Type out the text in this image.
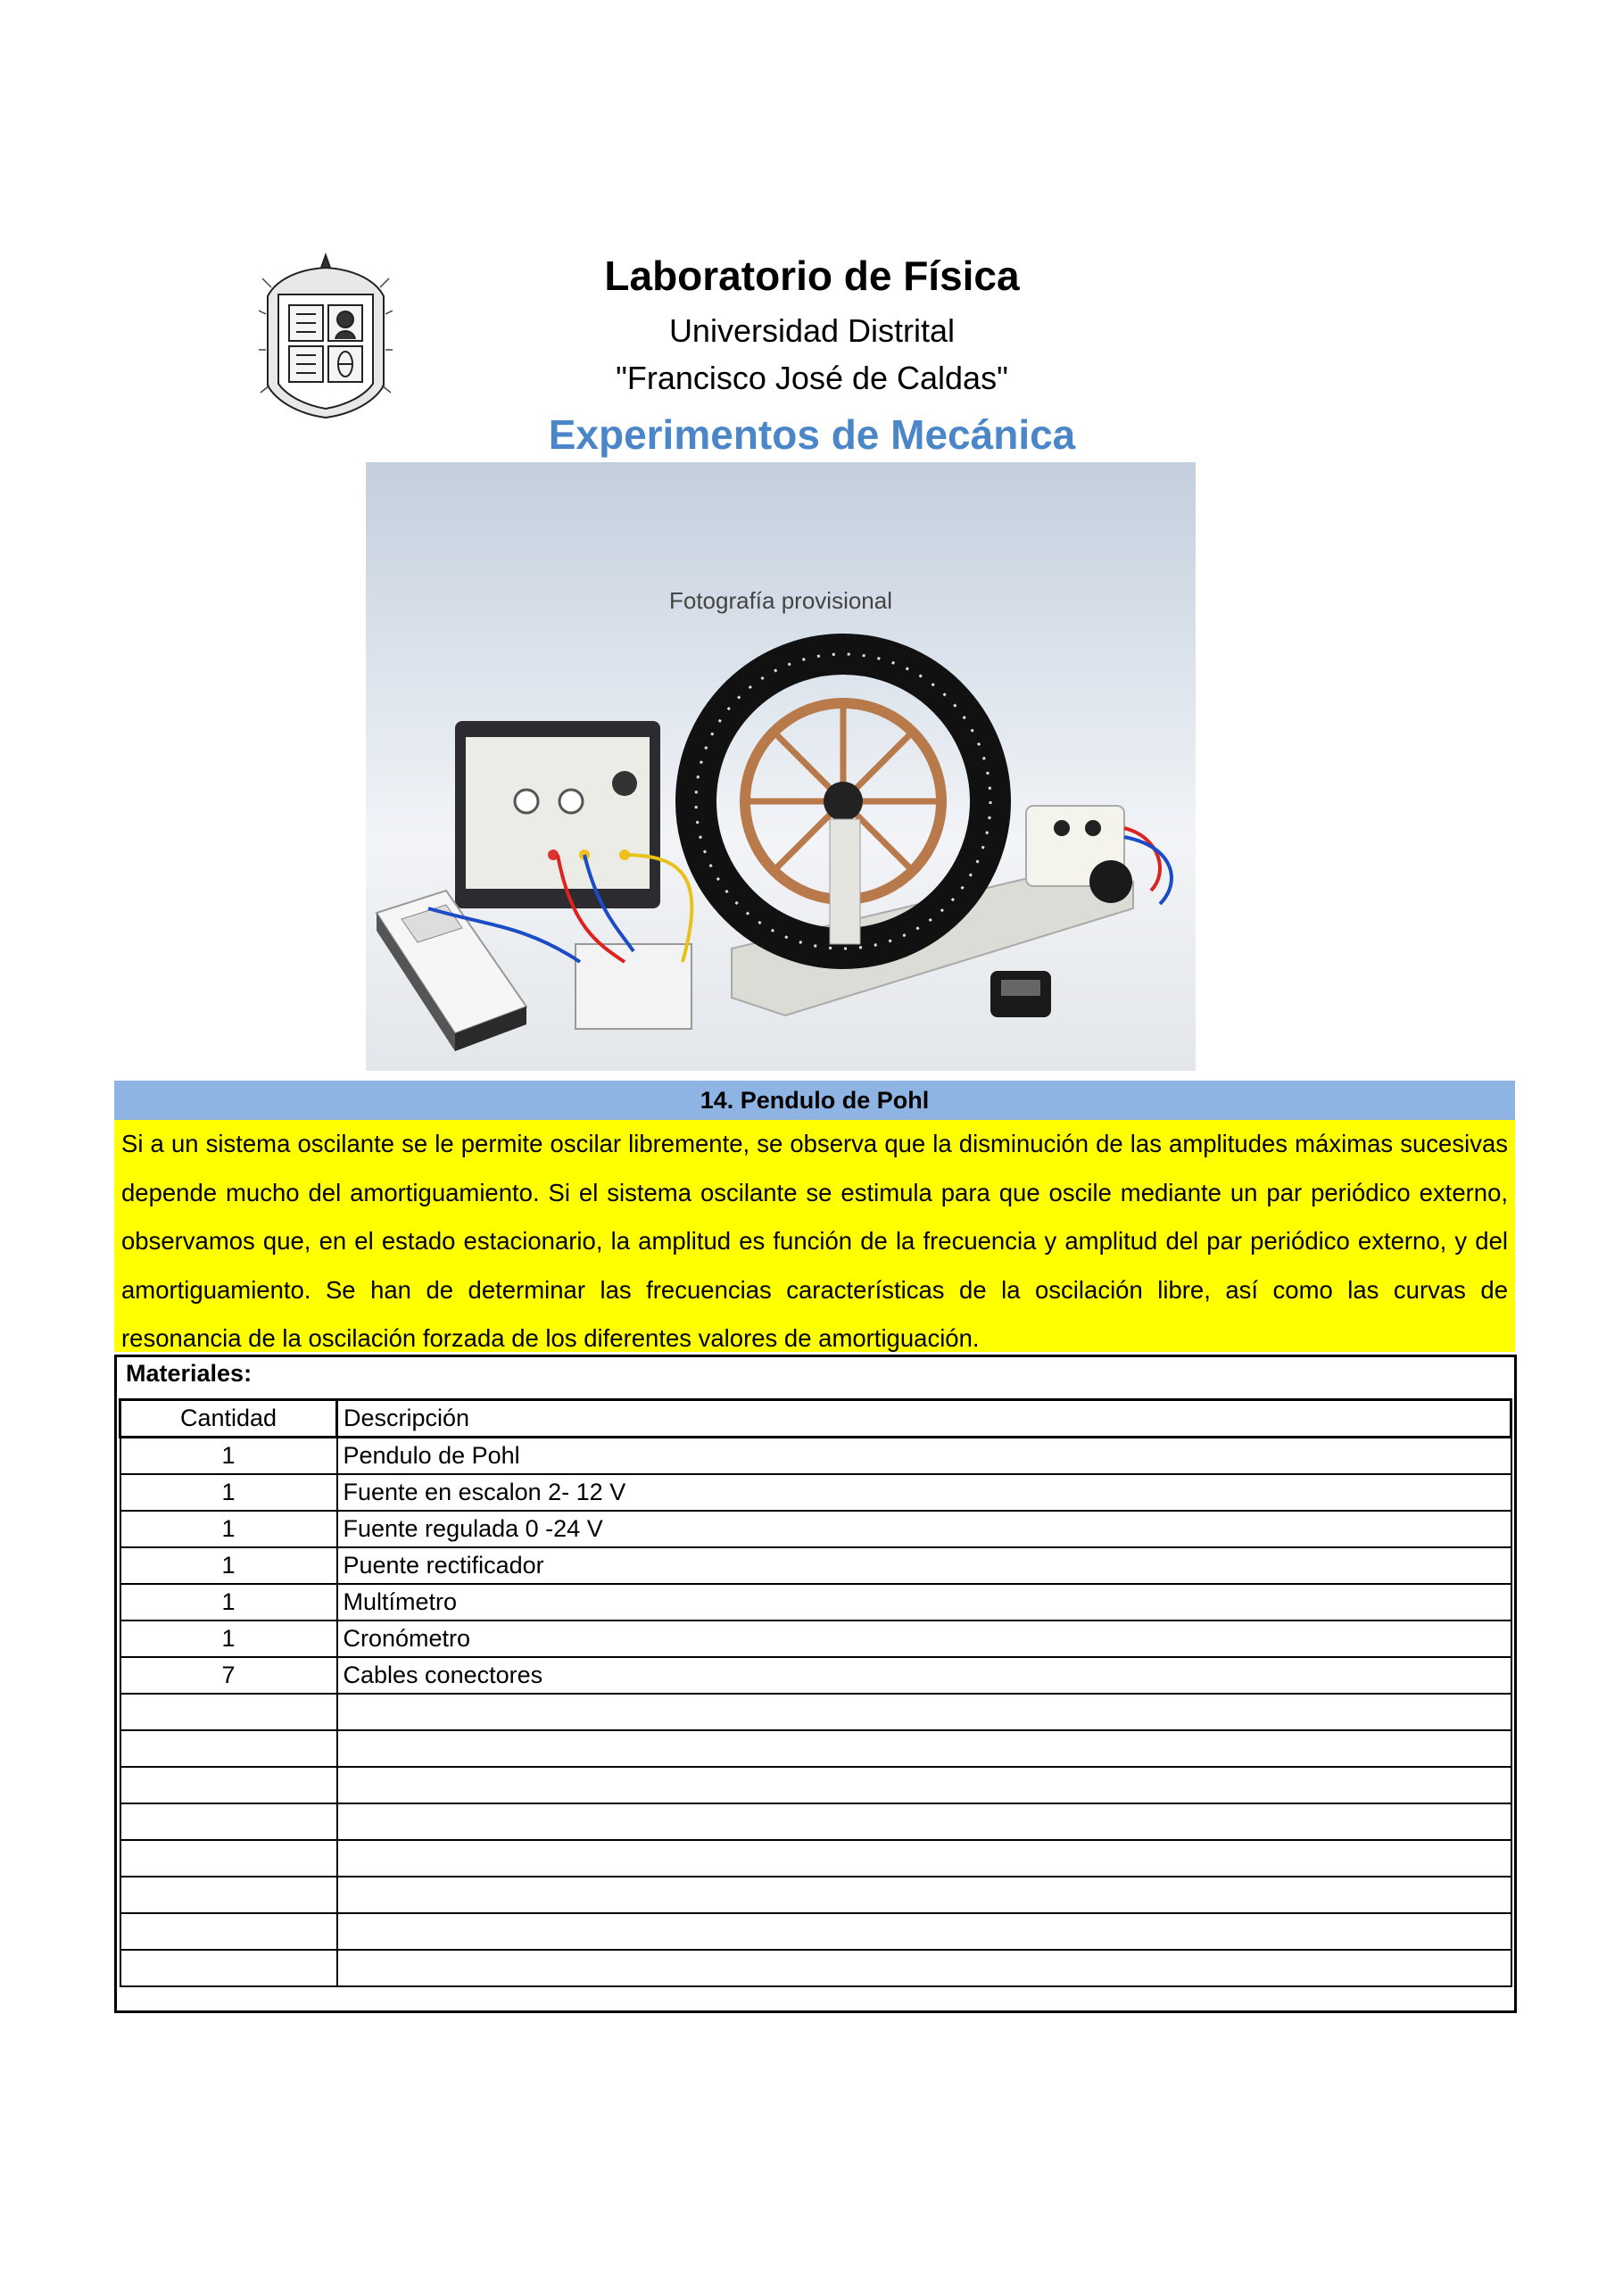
Laboratorio de Física
Universidad Distrital
"Francisco José de Caldas"
Experimentos de Mecánica
Fotografía provisional
14. Pendulo de Pohl

Si a un sistema oscilante se le permite oscilar libremente, se observa que la disminución de las amplitudes máximas sucesivas depende mucho del amortiguamiento. Si el sistema oscilante se estimula para que oscile mediante un par periódico externo, observamos que, en el estado estacionario, la amplitud es función de la frecuencia y amplitud del par periódico externo, y del amortiguamiento. Se han de determinar las frecuencias características de la oscilación libre, así como las curvas de resonancia de la oscilación forzada de los diferentes valores de amortiguación.

Materiales:
Cantidad	Descripción
1	Pendulo de Pohl
1	Fuente en escalon 2- 12 V
1	Fuente regulada 0 -24 V
1	Puente rectificador
1	Multímetro
1	Cronómetro
7	Cables conectores
